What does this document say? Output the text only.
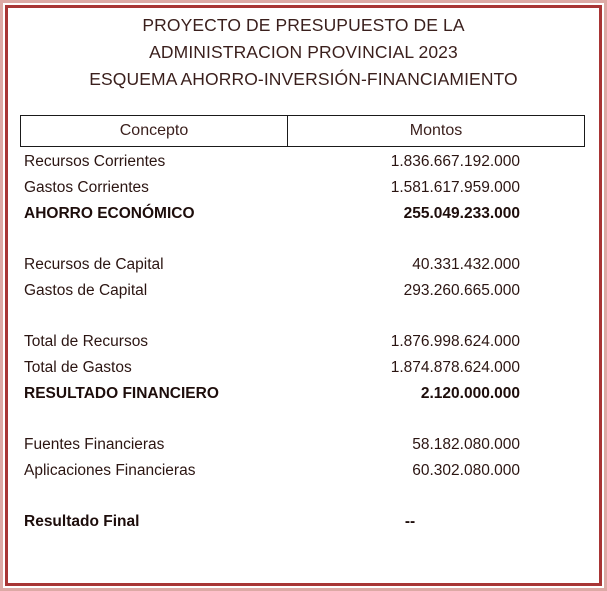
PROYECTO DE PRESUPUESTO DE LA
ADMINISTRACION PROVINCIAL 2023
ESQUEMA AHORRO-INVERSIÓN-FINANCIAMIENTO
Concepto	Montos
Recursos Corrientes	1.836.667.192.000
Gastos Corrientes	1.581.617.959.000
AHORRO ECONÓMICO	255.049.233.000
Recursos de Capital	40.331.432.000
Gastos de Capital	293.260.665.000
Total de Recursos	1.876.998.624.000
Total de Gastos	1.874.878.624.000
RESULTADO FINANCIERO	2.120.000.000
Fuentes Financieras	58.182.080.000
Aplicaciones Financieras	60.302.080.000
Resultado Final	--
